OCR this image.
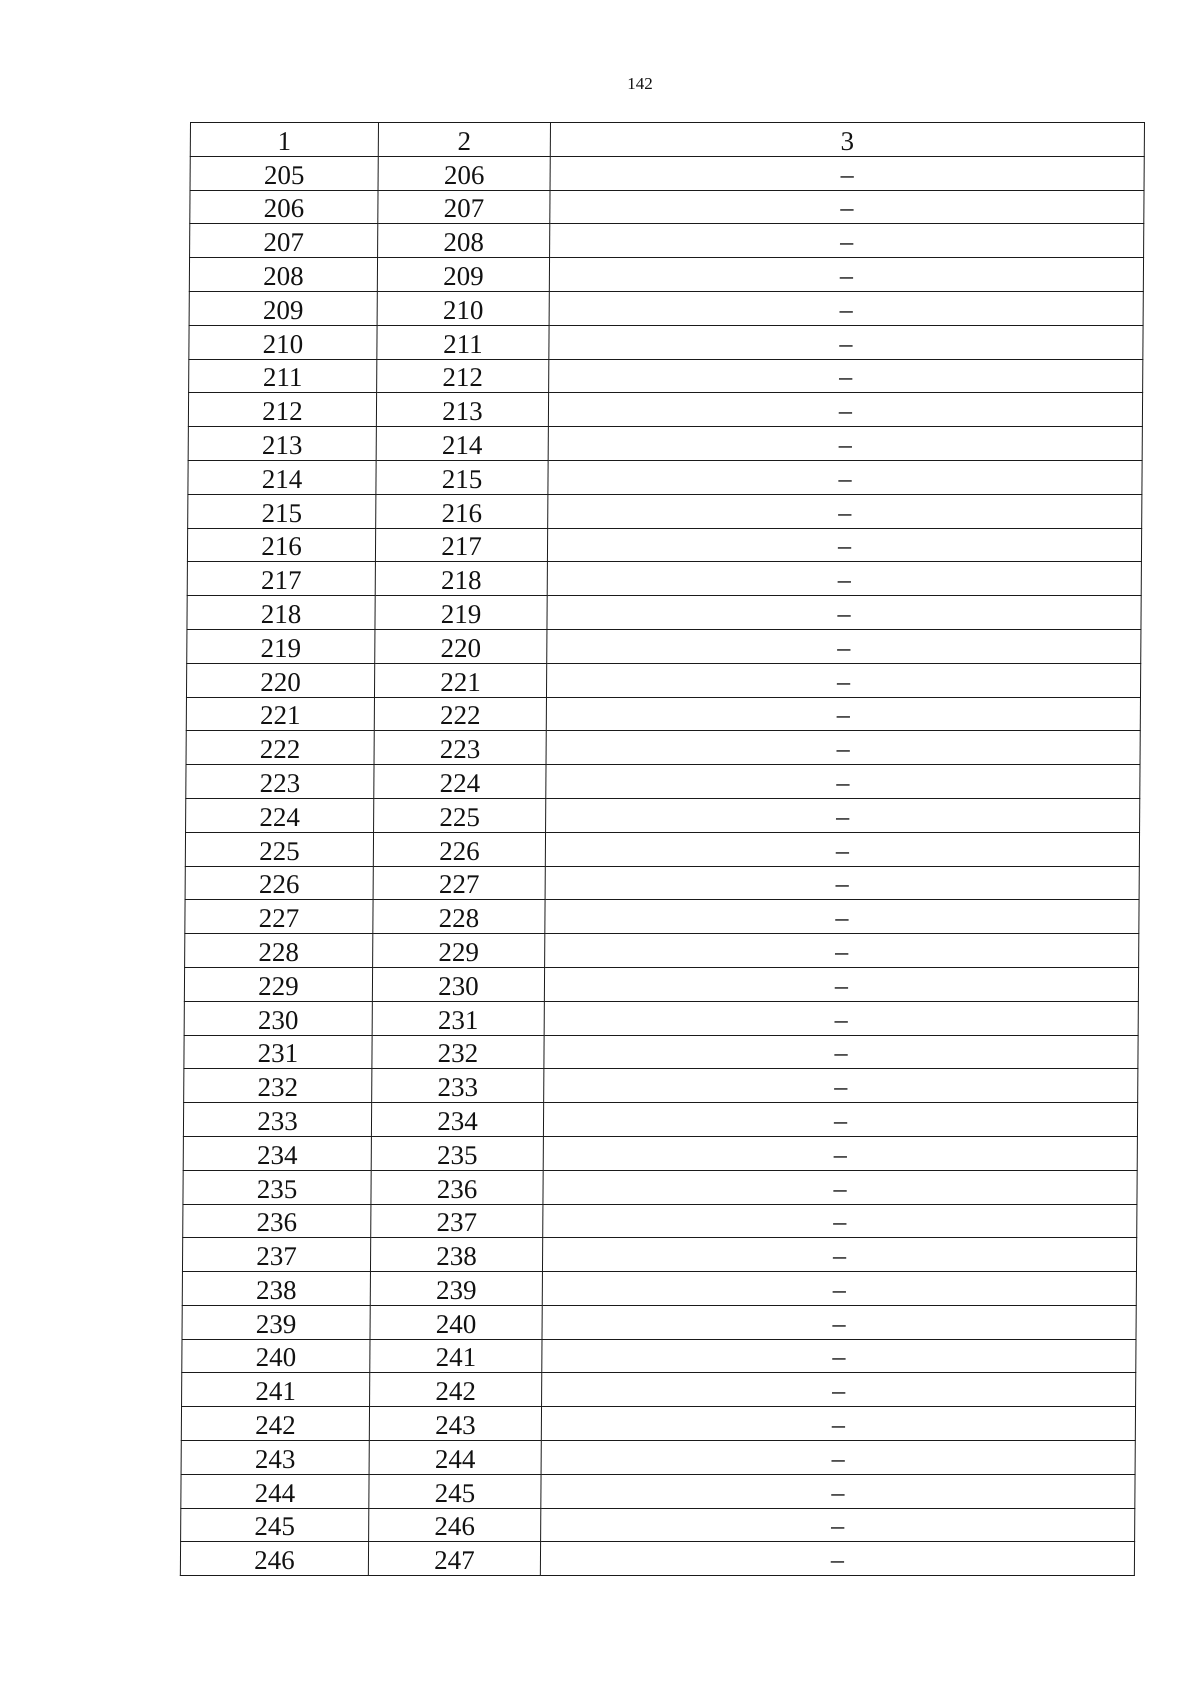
142
1	2	3
205	206	–
206	207	–
207	208	–
208	209	–
209	210	–
210	211	–
211	212	–
212	213	–
213	214	–
214	215	–
215	216	–
216	217	–
217	218	–
218	219	–
219	220	–
220	221	–
221	222	–
222	223	–
223	224	–
224	225	–
225	226	–
226	227	–
227	228	–
228	229	–
229	230	–
230	231	–
231	232	–
232	233	–
233	234	–
234	235	–
235	236	–
236	237	–
237	238	–
238	239	–
239	240	–
240	241	–
241	242	–
242	243	–
243	244	–
244	245	–
245	246	–
246	247	–
